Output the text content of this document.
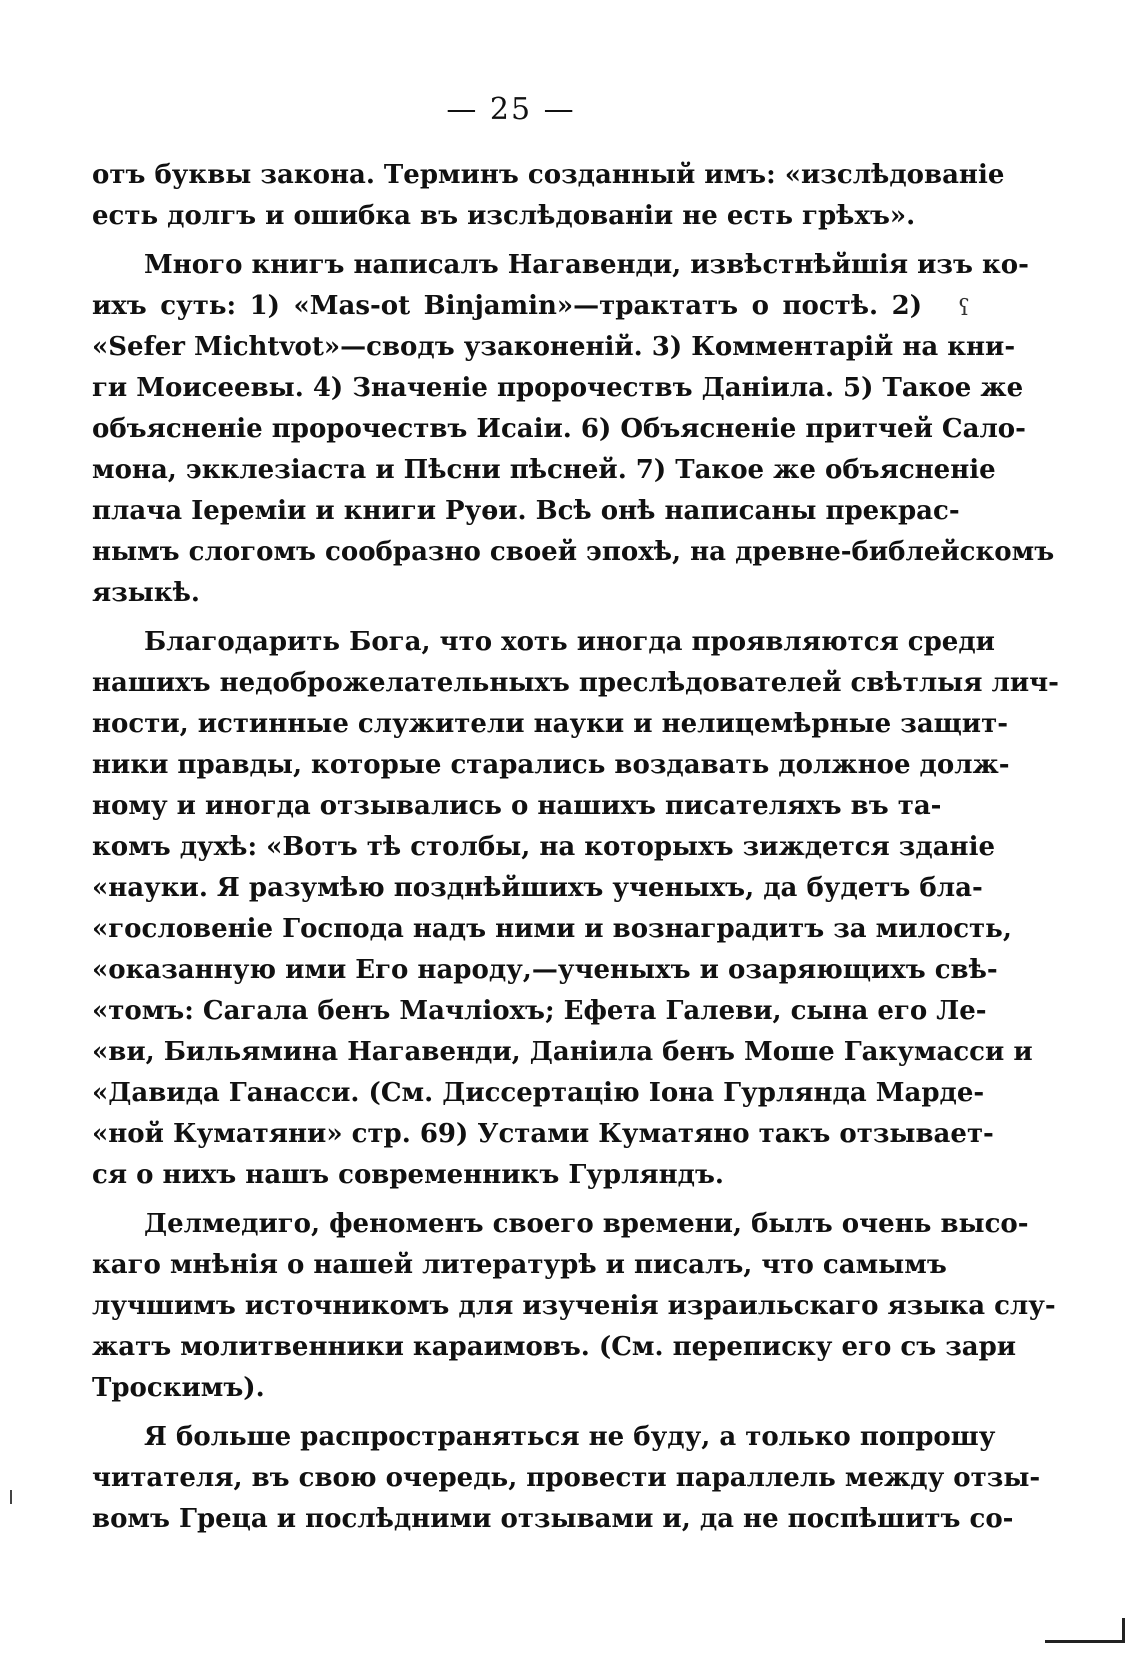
— 25 —
ʕ
отъ буквы закона. Терминъ созданный имъ: «изслѣдованіе
есть долгъ и ошибка въ изслѣдованіи не есть грѣхъ».
Много книгъ написалъ Нагавенди, извѣстнѣйшія изъ ко-
ихъ суть: 1) «Mas-ot Binjamin»—трактатъ о постѣ. 2)
«Sefer Michtvot»—сводъ узаконеній. 3) Комментарій на кни-
ги Моисеевы. 4) Значеніе пророчествъ Даніила. 5) Такое же
объясненіе пророчествъ Исаіи. 6) Объясненіе притчей Сало-
мона, экклезіаста и Пѣсни пѣсней. 7) Такое же объясненіе
плача Іереміи и книги Руѳи. Всѣ онѣ написаны прекрас-
нымъ слогомъ сообразно своей эпохѣ, на древне-библейскомъ
языкѣ.
Благодарить Бога, что хоть иногда проявляются среди
нашихъ недоброжелательныхъ преслѣдователей свѣтлыя лич-
ности, истинные служители науки и нелицемѣрные защит-
ники правды, которые старались воздавать должное долж-
ному и иногда отзывались о нашихъ писателяхъ въ та-
комъ духѣ: «Вотъ тѣ столбы, на которыхъ зиждется зданіе
«науки. Я разумѣю позднѣйшихъ ученыхъ, да будетъ бла-
«гословеніе Господа надъ ними и вознаградитъ за милость,
«оказанную ими Его народу,—ученыхъ и озаряющихъ свѣ-
«томъ: Сагала бенъ Мачліохъ; Ефета Галеви, сына его Ле-
«ви, Бильямина Нагавенди, Даніила бенъ Моше Гакумасси и
«Давида Ганасси. (См. Диссертацію Іона Гурлянда Марде-
«ной Куматяни» стр. 69) Устами Куматяно такъ отзывает-
ся о нихъ нашъ современникъ Гурляндъ.
Делмедиго, феноменъ своего времени, былъ очень высо-
каго мнѣнія о нашей литературѣ и писалъ, что самымъ
лучшимъ источникомъ для изученія израильскаго языка слу-
жатъ молитвенники караимовъ. (См. переписку его съ зари
Троскимъ).
Я больше распространяться не буду, а только попрошу
читателя, въ свою очередь, провести параллель между отзы-
вомъ Греца и послѣдними отзывами и, да не поспѣшитъ со-
